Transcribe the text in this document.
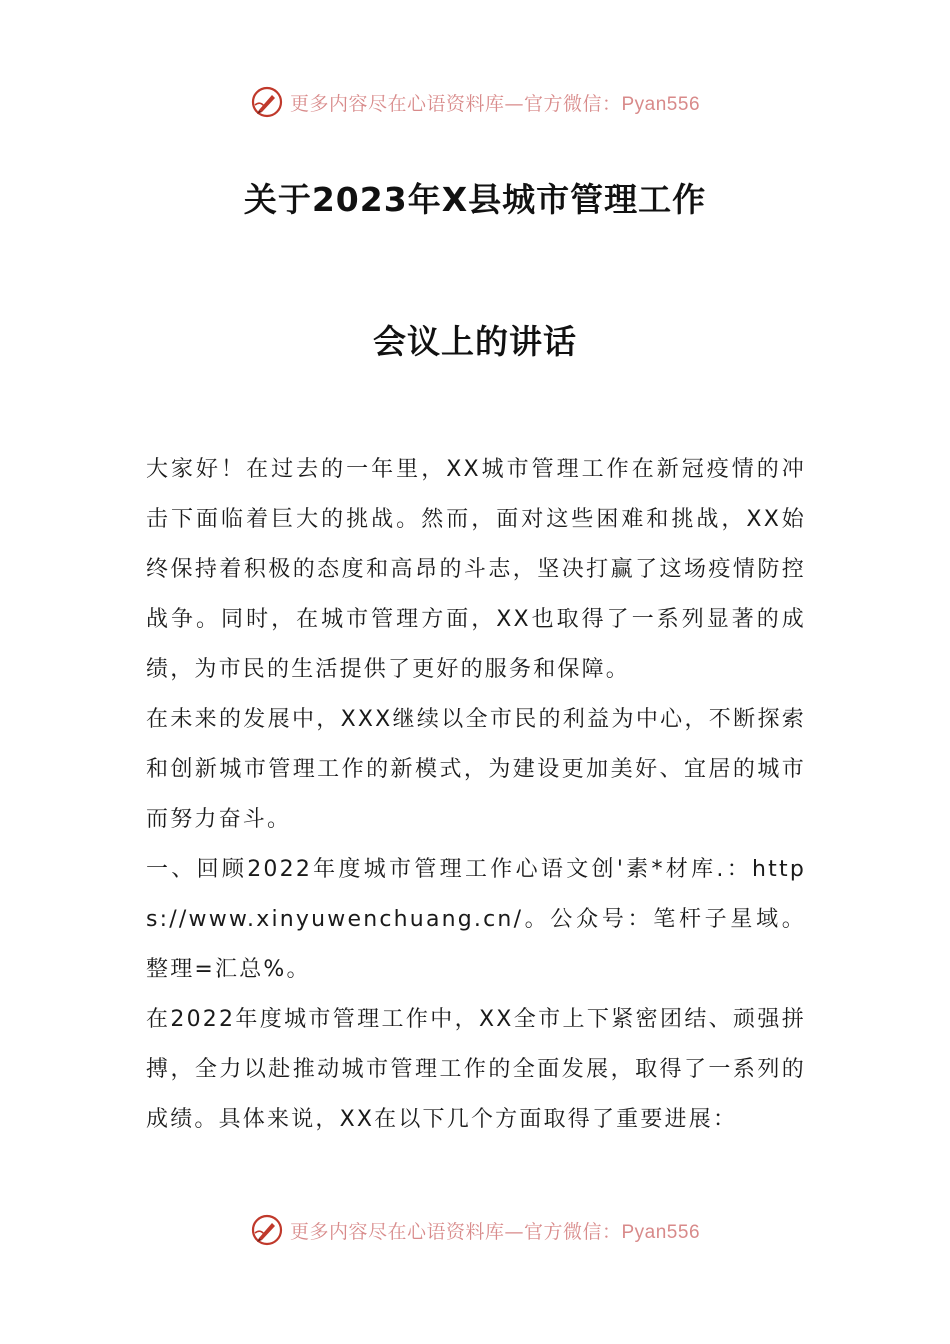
更多内容尽在心语资料库—官方微信：Pyan556
关于2023年X县城市管理工作
会议上的讲话

大家好！在过去的一年里，XX城市管理工作在新冠疫情的冲击下面临着巨大的挑战。然而，面对这些困难和挑战，XX始终保持着积极的态度和高昂的斗志，坚决打赢了这场疫情防控战争。同时，在城市管理方面，XX也取得了一系列显著的成绩，为市民的生活提供了更好的服务和保障。

在未来的发展中，XXX继续以全市民的利益为中心，不断探索和创新城市管理工作的新模式，为建设更加美好、宜居的城市而努力奋斗。

一、回顾2022年度城市管理工作心语文创'素*材库.：https://www.xinyuwenchuang.cn/。公众号：笔杆子星域。整理=汇总%。

在2022年度城市管理工作中，XX全市上下紧密团结、顽强拼搏，全力以赴推动城市管理工作的全面发展，取得了一系列的成绩。具体来说，XX在以下几个方面取得了重要进展：

更多内容尽在心语资料库—官方微信：Pyan556
